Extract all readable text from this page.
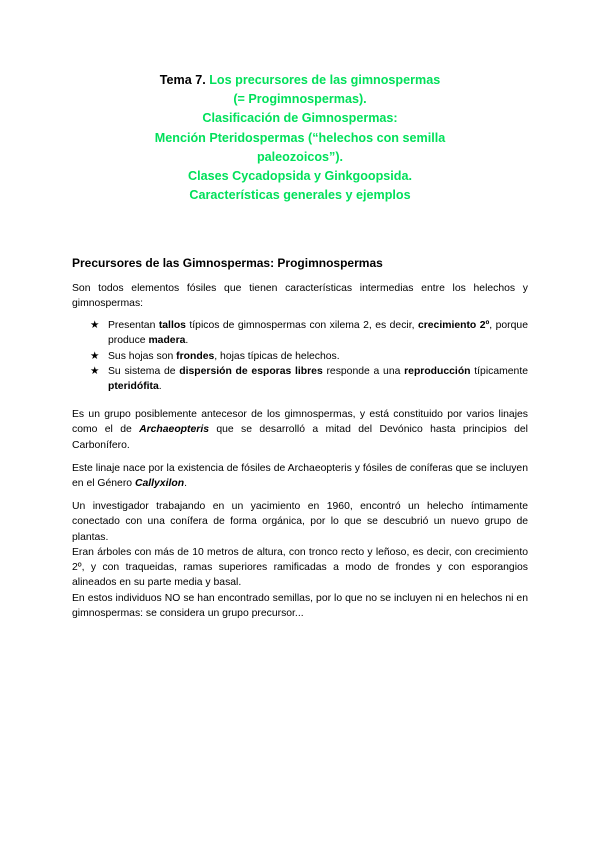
Tema 7. Los precursores de las gimnospermas
(= Progimnospermas).
Clasificación de Gimnospermas:
Mención Pteridospermas (“helechos con semilla
paleozoicos”).
Clases Cycadopsida y Ginkgoopsida.
Características generales y ejemplos
Precursores de las Gimnospermas: Progimnospermas

Son todos elementos fósiles que tienen características intermedias entre los helechos y gimnospermas:

★ Presentan tallos típicos de gimnospermas con xilema 2, es decir, crecimiento 2º, porque produce madera.
★ Sus hojas son frondes, hojas típicas de helechos.
★ Su sistema de dispersión de esporas libres responde a una reproducción típicamente pteridófita.

Es un grupo posiblemente antecesor de los gimnospermas, y está constituido por varios linajes como el de Archaeopteris que se desarrolló a mitad del Devónico hasta principios del Carbonífero.

Este linaje nace por la existencia de fósiles de Archaeopteris y fósiles de coníferas que se incluyen en el Género Callyxilon.

Un investigador trabajando en un yacimiento en 1960, encontró un helecho íntimamente conectado con una conífera de forma orgánica, por lo que se descubrió un nuevo grupo de plantas.
Eran árboles con más de 10 metros de altura, con tronco recto y leñoso, es decir, con crecimiento 2º, y con traqueidas, ramas superiores ramificadas a modo de frondes y con esporangios alineados en su parte media y basal.
En estos individuos NO se han encontrado semillas, por lo que no se incluyen ni en helechos ni en gimnospermas: se considera un grupo precursor...
